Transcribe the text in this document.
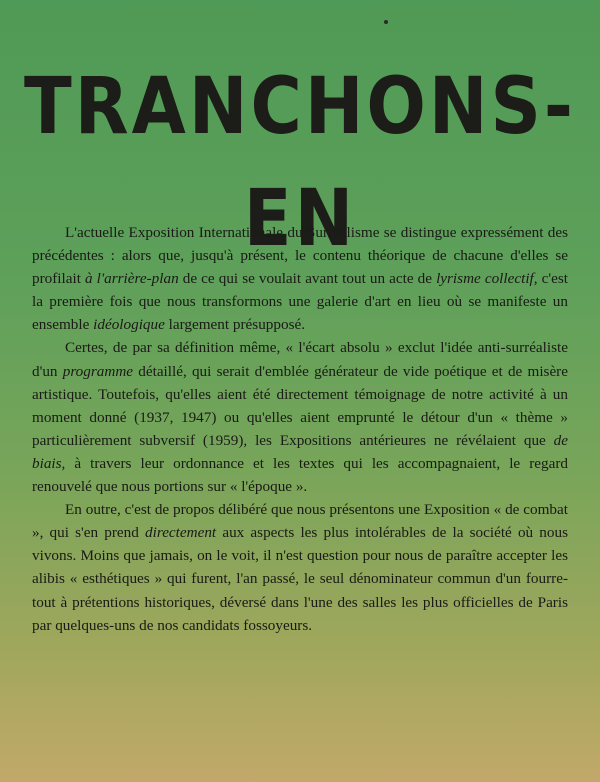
TRANCHONS-EN

L'actuelle Exposition Internationale du Surréalisme se distingue expressément des précédentes : alors que, jusqu'à présent, le contenu théorique de chacune d'elles se profilait à l'arrière-plan de ce qui se voulait avant tout un acte de lyrisme collectif, c'est la première fois que nous transformons une galerie d'art en lieu où se manifeste un ensemble idéologique largement présupposé.

Certes, de par sa définition même, « l'écart absolu » exclut l'idée anti-surréaliste d'un programme détaillé, qui serait d'emblée générateur de vide poétique et de misère artistique. Toutefois, qu'elles aient été directement témoignage de notre activité à un moment donné (1937, 1947) ou qu'elles aient emprunté le détour d'un « thème » particulièrement subversif (1959), les Expositions antérieures ne révélaient que de biais, à travers leur ordonnance et les textes qui les accompagnaient, le regard renouvelé que nous portions sur « l'époque ».

En outre, c'est de propos délibéré que nous présentons une Exposition « de combat », qui s'en prend directement aux aspects les plus intolérables de la société où nous vivons. Moins que jamais, on le voit, il n'est question pour nous de paraître accepter les alibis « esthétiques » qui furent, l'an passé, le seul dénominateur commun d'un fourre-tout à prétentions historiques, déversé dans l'une des salles les plus officielles de Paris par quelques-uns de nos candidats fossoyeurs.
